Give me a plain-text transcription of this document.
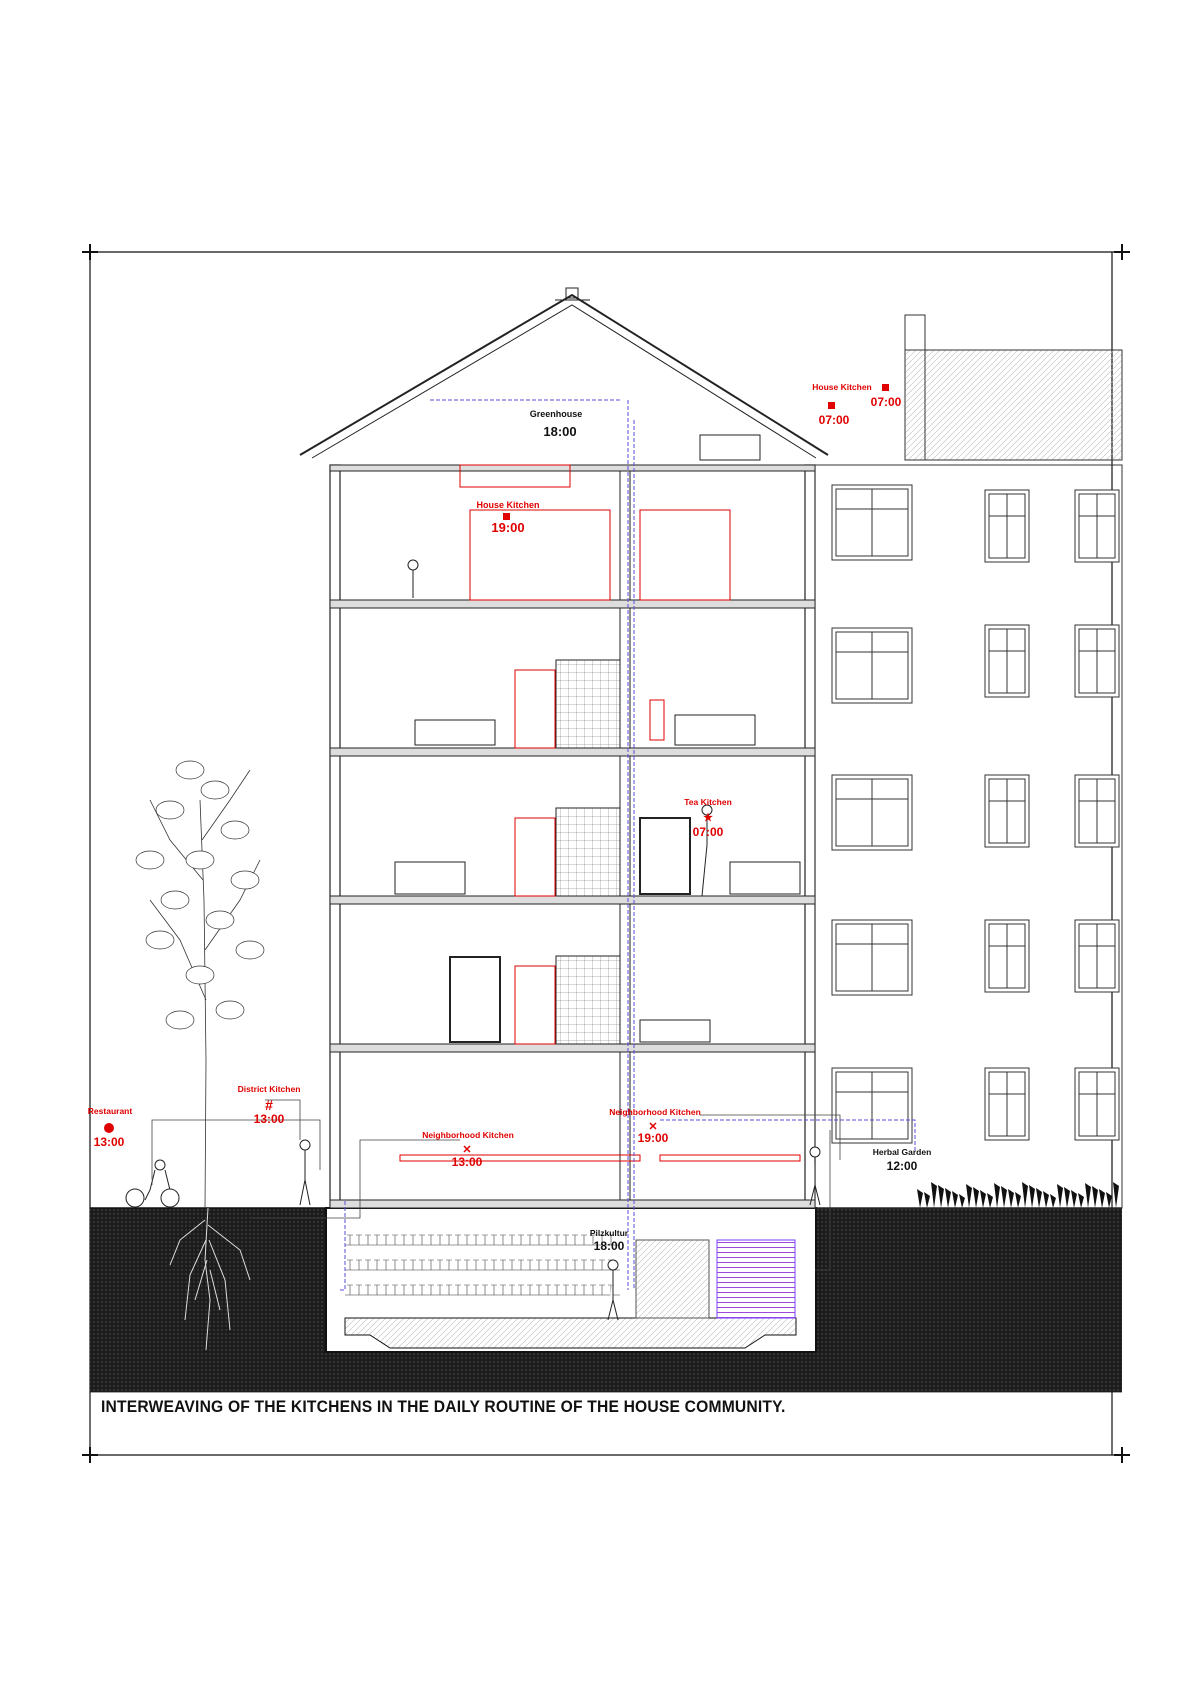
Greenhouse
18:00
House Kitchen
19:00
House Kitchen
07:00
07:00
Tea Kitchen
★
07:00
Restaurant
13:00
District Kitchen
#
13:00
Neighborhood Kitchen
✕
13:00
Neighborhood Kitchen
✕
19:00
Herbal Garden
12:00
Pilzkultur
18:00
INTERWEAVING OF THE KITCHENS IN THE DAILY ROUTINE OF THE HOUSE COMMUNITY.
